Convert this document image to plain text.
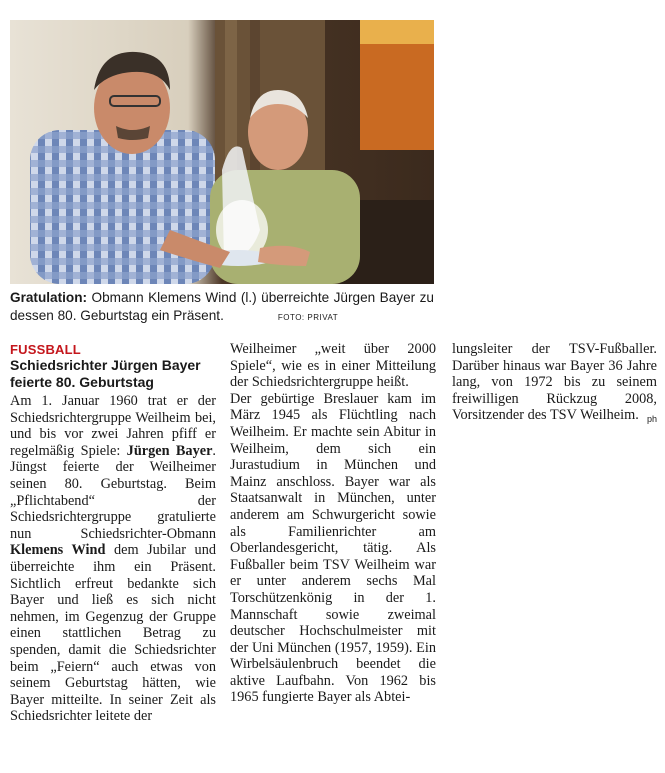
Gratulation: Obmann Klemens Wind (l.) überreichte Jürgen Bayer zu dessen 80. Geburtstag ein Präsent.	FOTO: PRIVAT
FUSSBALL
Schiedsrichter Jürgen Bayer feierte 80. Geburtstag

Am 1. Januar 1960 trat er der Schiedsrichtergruppe Weilheim bei, und bis vor zwei Jahren pfiff er regelmäßig Spiele: Jürgen Bayer. Jüngst feierte der Weilheimer seinen 80. Geburtstag. Beim „Pflichtabend“ der Schiedsrichtergruppe gratulierte nun Schiedsrichter-Obmann Klemens Wind dem Jubilar und überreichte ihm ein Präsent. Sichtlich erfreut bedankte sich Bayer und ließ es sich nicht nehmen, im Gegenzug der Gruppe einen stattlichen Betrag zu spenden, damit die Schiedsrichter beim „Feiern“ auch etwas von seinem Geburtstag hätten, wie Bayer mitteilte. In seiner Zeit als Schiedsrichter leitete der

Weilheimer „weit über 2000 Spiele“, wie es in einer Mitteilung der Schiedsrichtergruppe heißt.

Der gebürtige Breslauer kam im März 1945 als Flüchtling nach Weilheim. Er machte sein Abitur in Weilheim, dem sich ein Jurastudium in München und Mainz anschloss. Bayer war als Staatsanwalt in München, unter anderem am Schwurgericht sowie als Familienrichter am Oberlandesgericht, tätig. Als Fußballer beim TSV Weilheim war er unter anderem sechs Mal Torschützenkönig in der 1. Mannschaft sowie zweimal deutscher Hochschulmeister mit der Uni München (1957, 1959). Ein Wirbelsäulenbruch beendet die aktive Laufbahn. Von 1962 bis 1965 fungierte Bayer als Abtei-

lungsleiter der TSV-Fußballer. Darüber hinaus war Bayer 36 Jahre lang, von 1972 bis zu seinem freiwilligen Rückzug 2008, Vorsitzender des TSV Weilheim. ph
